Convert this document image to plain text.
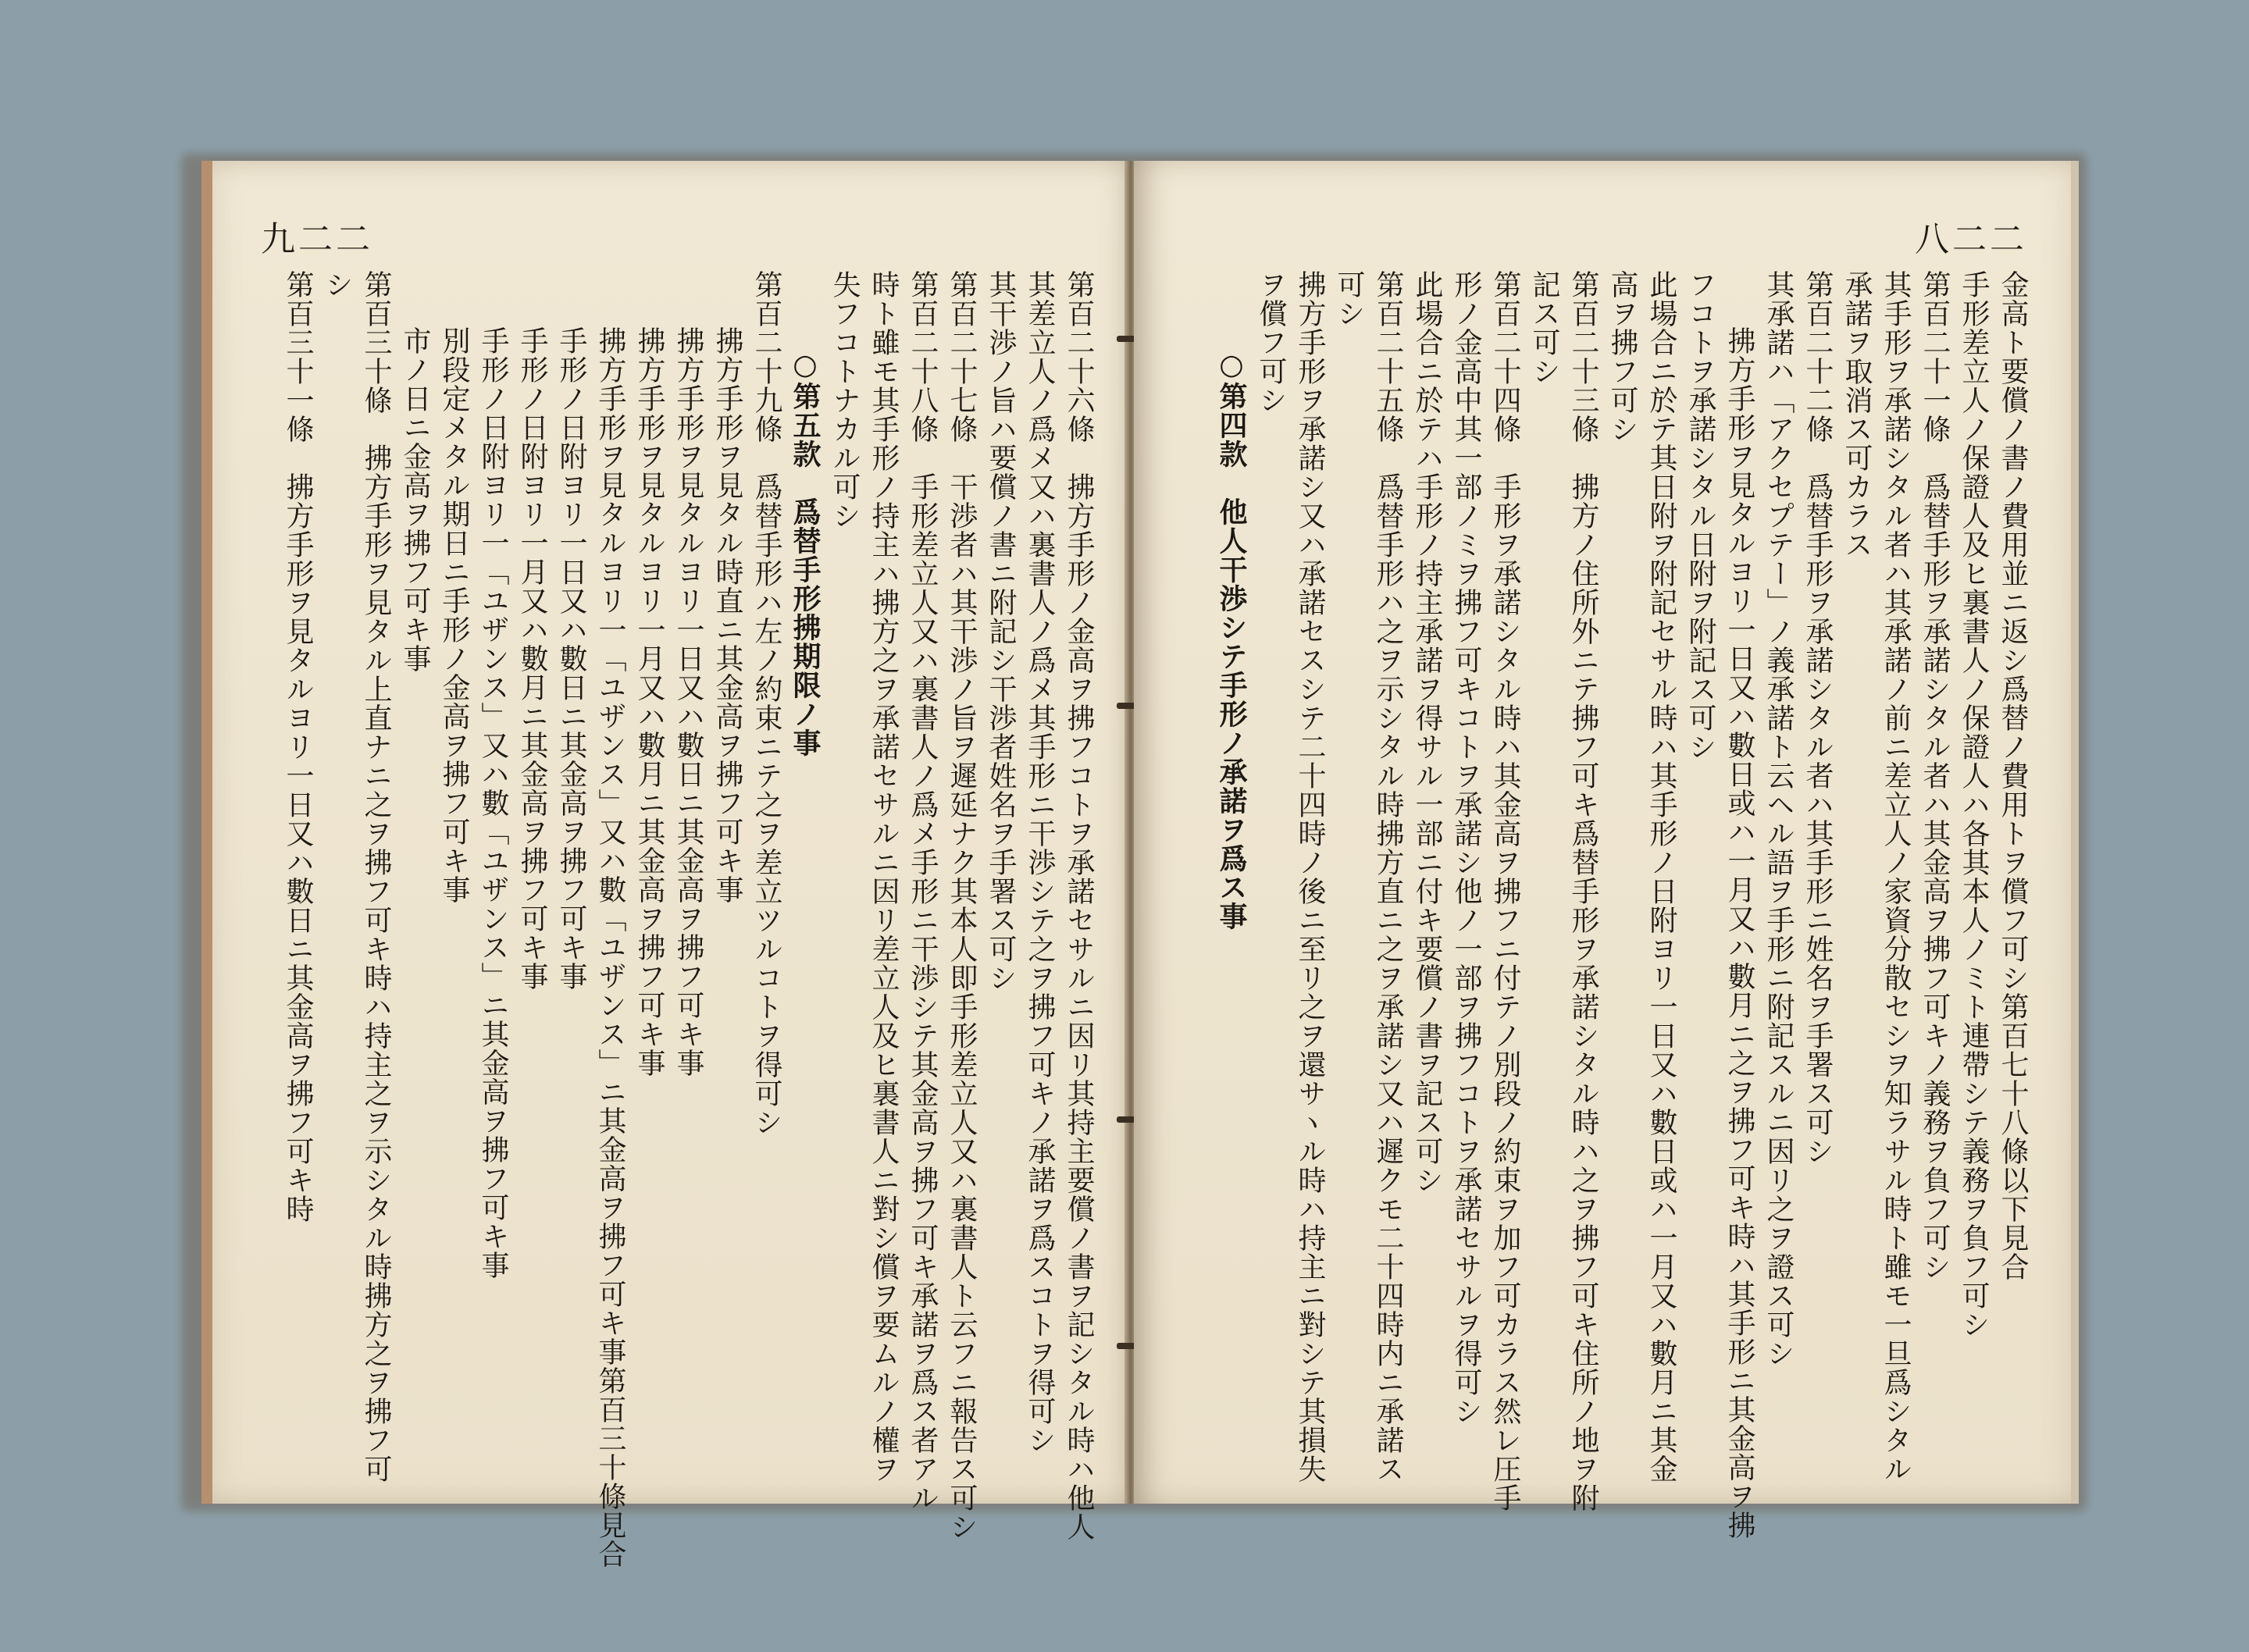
九二二
第百二十六條　拂方手形ノ金高ヲ拂フコトヲ承諾セサルニ因リ其持主要償ノ書ヲ記シタル時ハ他人
其差立人ノ爲メ又ハ裏書人ノ爲メ其手形ニ干渉シテ之ヲ拂フ可キノ承諾ヲ爲スコトヲ得可シ
其干渉ノ旨ハ要償ノ書ニ附記シ干渉者姓名ヲ手署ス可シ
第百二十七條　干渉者ハ其干渉ノ旨ヲ遲延ナク其本人即手形差立人又ハ裏書人ト云フニ報告ス可シ
第百二十八條　手形差立人又ハ裏書人ノ爲メ手形ニ干渉シテ其金高ヲ拂フ可キ承諾ヲ爲ス者アル
時ト雖モ其手形ノ持主ハ拂方之ヲ承諾セサルニ因リ差立人及ヒ裏書人ニ對シ償ヲ要ムルノ權ヲ
失フコトナカル可シ
○第五款　爲替手形拂期限ノ事
第百二十九條　爲替手形ハ左ノ約束ニテ之ヲ差立ツルコトヲ得可シ
拂方手形ヲ見タル時直ニ其金高ヲ拂フ可キ事
拂方手形ヲ見タルヨリ一日又ハ數日ニ其金高ヲ拂フ可キ事
拂方手形ヲ見タルヨリ一月又ハ數月ニ其金高ヲ拂フ可キ事
拂方手形ヲ見タルヨリ一「ユザンス」又ハ數「ユザンス」ニ其金高ヲ拂フ可キ事第百三十條見合
手形ノ日附ヨリ一日又ハ數日ニ其金高ヲ拂フ可キ事
手形ノ日附ヨリ一月又ハ數月ニ其金高ヲ拂フ可キ事
手形ノ日附ヨリ一「ユザンス」又ハ數「ユザンス」ニ其金高ヲ拂フ可キ事
別段定メタル期日ニ手形ノ金高ヲ拂フ可キ事
市ノ日ニ金高ヲ拂フ可キ事
第百三十條　拂方手形ヲ見タル上直ナニ之ヲ拂フ可キ時ハ持主之ヲ示シタル時拂方之ヲ拂フ可
シ
第百三十一條　拂方手形ヲ見タルヨリ一日又ハ數日ニ其金高ヲ拂フ可キ時
八二二
金高ト要償ノ書ノ費用並ニ返シ爲替ノ費用トヲ償フ可シ第百七十八條以下見合
手形差立人ノ保證人及ヒ裏書人ノ保證人ハ各其本人ノミト連帶シテ義務ヲ負フ可シ
第百二十一條　爲替手形ヲ承諾シタル者ハ其金高ヲ拂フ可キノ義務ヲ負フ可シ
其手形ヲ承諾シタル者ハ其承諾ノ前ニ差立人ノ家資分散セシヲ知ラサル時ト雖モ一旦爲シタル
承諾ヲ取消ス可カラス
第百二十二條　爲替手形ヲ承諾シタル者ハ其手形ニ姓名ヲ手署ス可シ
其承諾ハ「アクセプテー」ノ義承諾ト云ヘル語ヲ手形ニ附記スルニ因リ之ヲ證ス可シ
拂方手形ヲ見タルヨリ一日又ハ數日或ハ一月又ハ數月ニ之ヲ拂フ可キ時ハ其手形ニ其金高ヲ拂
フコトヲ承諾シタル日附ヲ附記ス可シ
此場合ニ於テ其日附ヲ附記セサル時ハ其手形ノ日附ヨリ一日又ハ數日或ハ一月又ハ數月ニ其金
高ヲ拂フ可シ
第百二十三條　拂方ノ住所外ニテ拂フ可キ爲替手形ヲ承諾シタル時ハ之ヲ拂フ可キ住所ノ地ヲ附
記ス可シ
第百二十四條　手形ヲ承諾シタル時ハ其金高ヲ拂フニ付テノ別段ノ約束ヲ加フ可カラス然レ圧手
形ノ金高中其一部ノミヲ拂フ可キコトヲ承諾シ他ノ一部ヲ拂フコトヲ承諾セサルヲ得可シ
此場合ニ於テハ手形ノ持主承諾ヲ得サル一部ニ付キ要償ノ書ヲ記ス可シ
第百二十五條　爲替手形ハ之ヲ示シタル時拂方直ニ之ヲ承諾シ又ハ遲クモ二十四時内ニ承諾ス
可シ
拂方手形ヲ承諾シ又ハ承諾セスシテ二十四時ノ後ニ至リ之ヲ還サヽル時ハ持主ニ對シテ其損失
ヲ償フ可シ
○第四款　他人干渉シテ手形ノ承諾ヲ爲ス事
